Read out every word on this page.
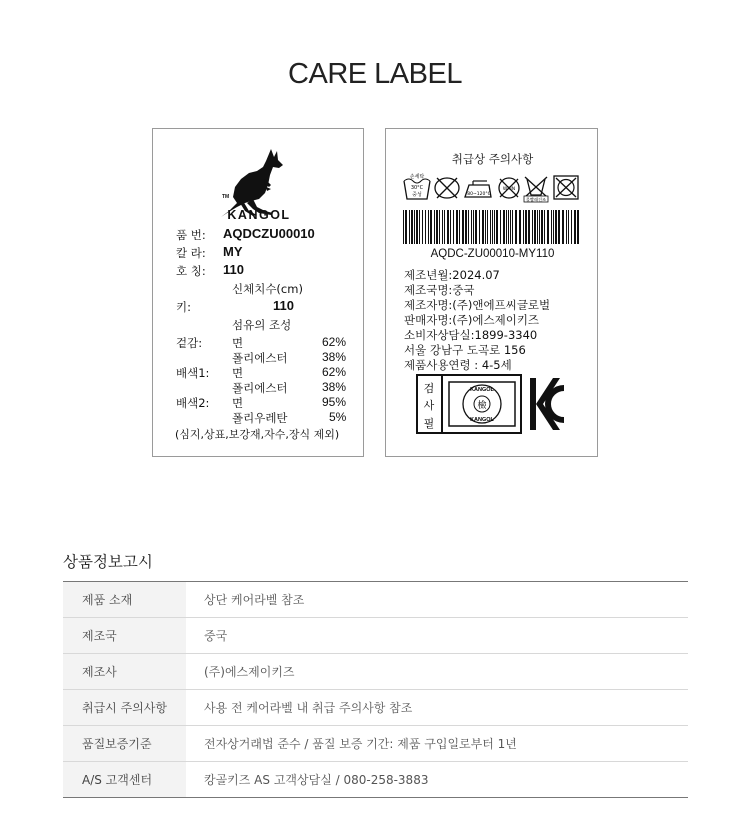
CARE LABEL
TM
KANGOL
품 번: AQDCZU00010
칼 라: MY
호 칭: 110
신체치수(cm)
키:	110
섬유의 조성
겉감:	면	62%
폴리에스터	38%
배색1: 면	62%
폴리에스터	38%
배색2: 면	95%
폴리우레탄	5%
(심지,상표,보강재,자수,장식 제외)
취급상 주의사항
손세탁
30°C
중성	80~120°C
WRIN
물빨래건조
AQDC-ZU00010-MY110
제조년월:2024.07
제조국명:중국
제조자명:(주)앤에프씨글로벌
판매자명:(주)에스제이키즈
소비자상담실:1899-3340
서울 강남구 도곡로 156
제품사용연령 : 4-5세
검
사
필
KANGOL
KANGOL
檢
상품정보고시
제품 소재	상단 케어라벨 참조
제조국	중국
제조사	(주)에스제이키즈
취급시 주의사항	사용 전 케어라벨 내 취급 주의사항 참조
품질보증기준	전자상거래법 준수 / 품질 보증 기간: 제품 구입일로부터 1년
A/S 고객센터	캉골키즈 AS 고객상담실 / 080-258-3883
